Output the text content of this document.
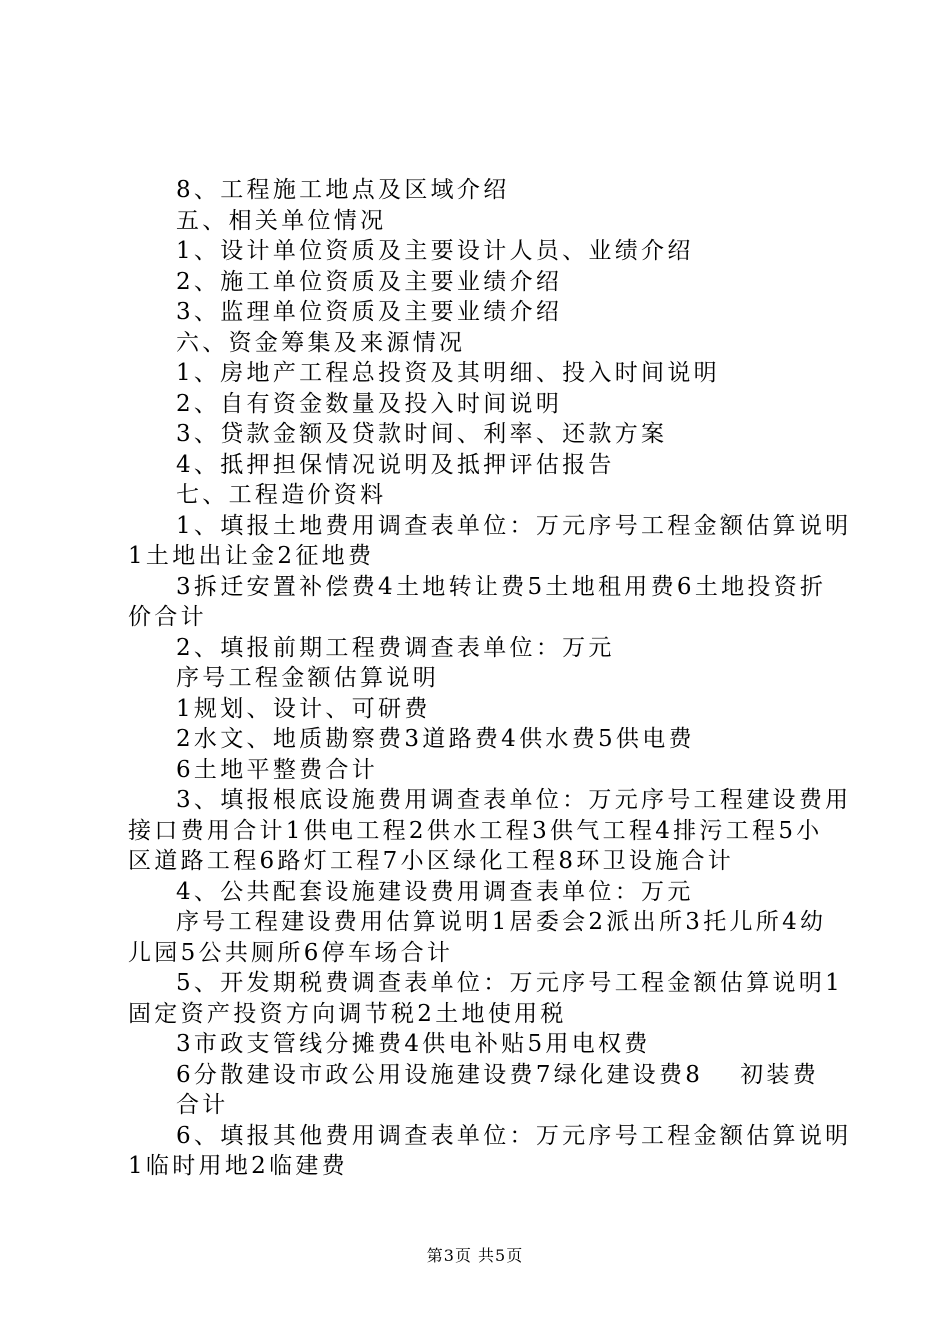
8、工程施工地点及区域介绍
五、相关单位情况
1、设计单位资质及主要设计人员、业绩介绍
2、施工单位资质及主要业绩介绍
3、监理单位资质及主要业绩介绍
六、资金筹集及来源情况
1、房地产工程总投资及其明细、投入时间说明
2、自有资金数量及投入时间说明
3、贷款金额及贷款时间、利率、还款方案
4、抵押担保情况说明及抵押评估报告
七、工程造价资料
1、填报土地费用调查表单位：万元序号工程金额估算说明
1土地出让金2征地费
3拆迁安置补偿费4土地转让费5土地租用费6土地投资折
价合计
2、填报前期工程费调查表单位：万元
序号工程金额估算说明
1规划、设计、可研费
2水文、地质勘察费3道路费4供水费5供电费
6土地平整费合计
3、填报根底设施费用调查表单位：万元序号工程建设费用
接口费用合计1供电工程2供水工程3供气工程4排污工程5小
区道路工程6路灯工程7小区绿化工程8环卫设施合计
4、公共配套设施建设费用调查表单位：万元
序号工程建设费用估算说明1居委会2派出所3托儿所4幼
儿园5公共厕所6停车场合计
5、开发期税费调查表单位：万元序号工程金额估算说明1
固定资产投资方向调节税2土地使用税
3市政支管线分摊费4供电补贴5用电权费
6分散建设市政公用设施建设费7绿化建设费8　 初装费
合计
6、填报其他费用调查表单位：万元序号工程金额估算说明
1临时用地2临建费
第3页 共5页
